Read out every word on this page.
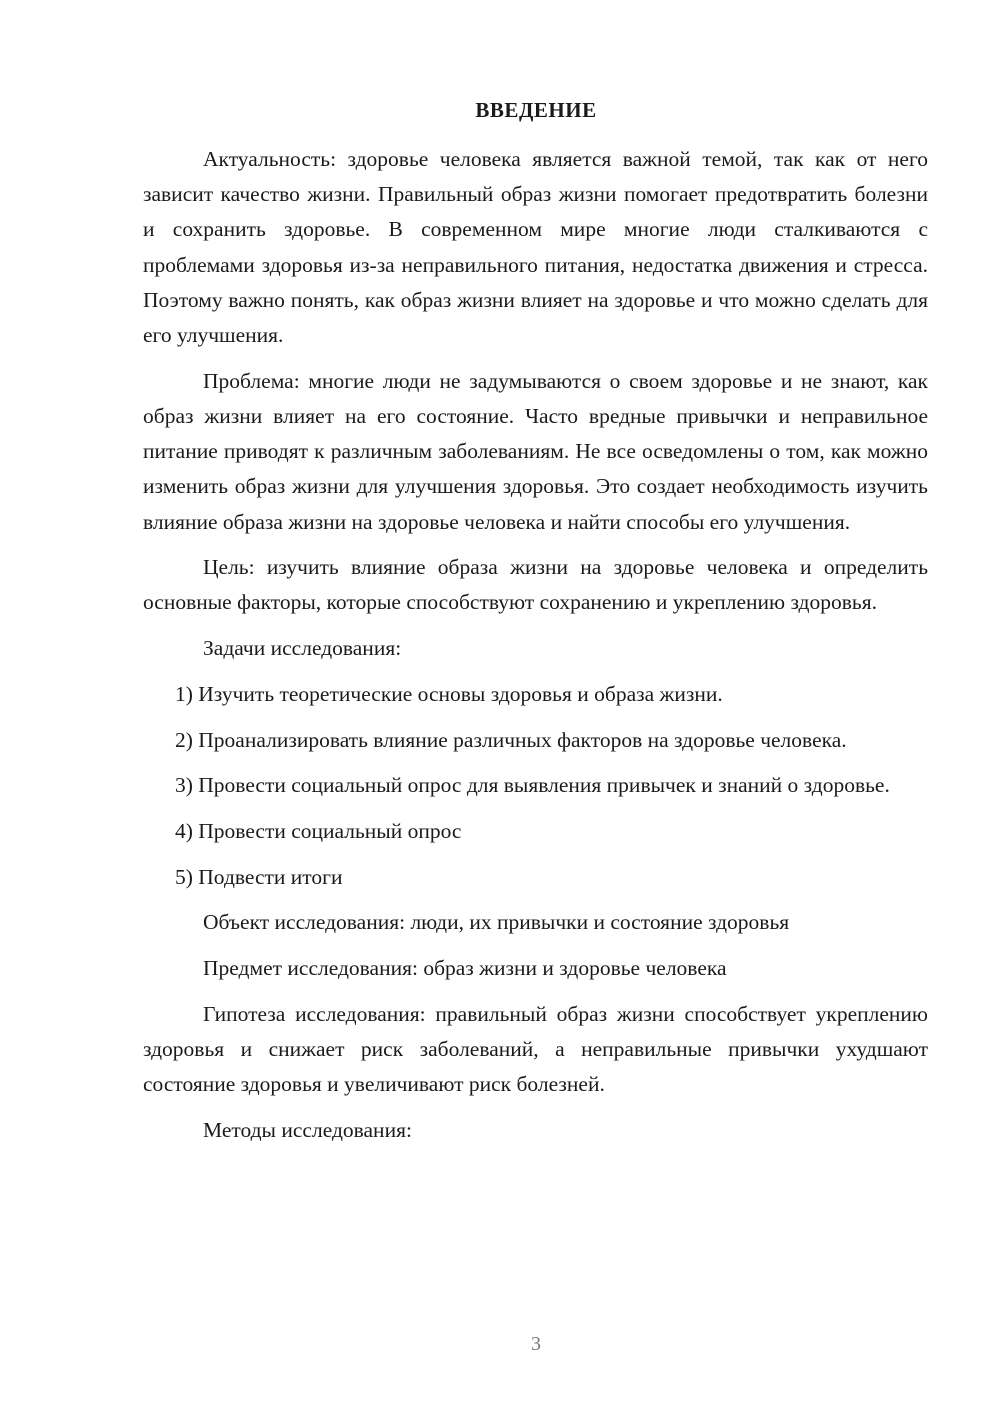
ВВЕДЕНИЕ

Актуальность: здоровье человека является важной темой, так как от него зависит качество жизни. Правильный образ жизни помогает предотвратить болезни и сохранить здоровье. В современном мире многие люди сталкиваются с проблемами здоровья из-за неправильного питания, недостатка движения и стресса. Поэтому важно понять, как образ жизни влияет на здоровье и что можно сделать для его улучшения.

Проблема: многие люди не задумываются о своем здоровье и не знают, как образ жизни влияет на его состояние. Часто вредные привычки и неправильное питание приводят к различным заболеваниям. Не все осведомлены о том, как можно изменить образ жизни для улучшения здоровья. Это создает необходимость изучить влияние образа жизни на здоровье человека и найти способы его улучшения.

Цель: изучить влияние образа жизни на здоровье человека и определить основные факторы, которые способствуют сохранению и укреплению здоровья.

Задачи исследования:

1) Изучить теоретические основы здоровья и образа жизни.

2) Проанализировать влияние различных факторов на здоровье человека.

3) Провести социальный опрос для выявления привычек и знаний о здоровье.

4) Провести социальный опрос

5) Подвести итоги

Объект исследования: люди, их привычки и состояние здоровья

Предмет исследования: образ жизни и здоровье человека

Гипотеза исследования: правильный образ жизни способствует укреплению здоровья и снижает риск заболеваний, а неправильные привычки ухудшают состояние здоровья и увеличивают риск болезней.

Методы исследования:

3
